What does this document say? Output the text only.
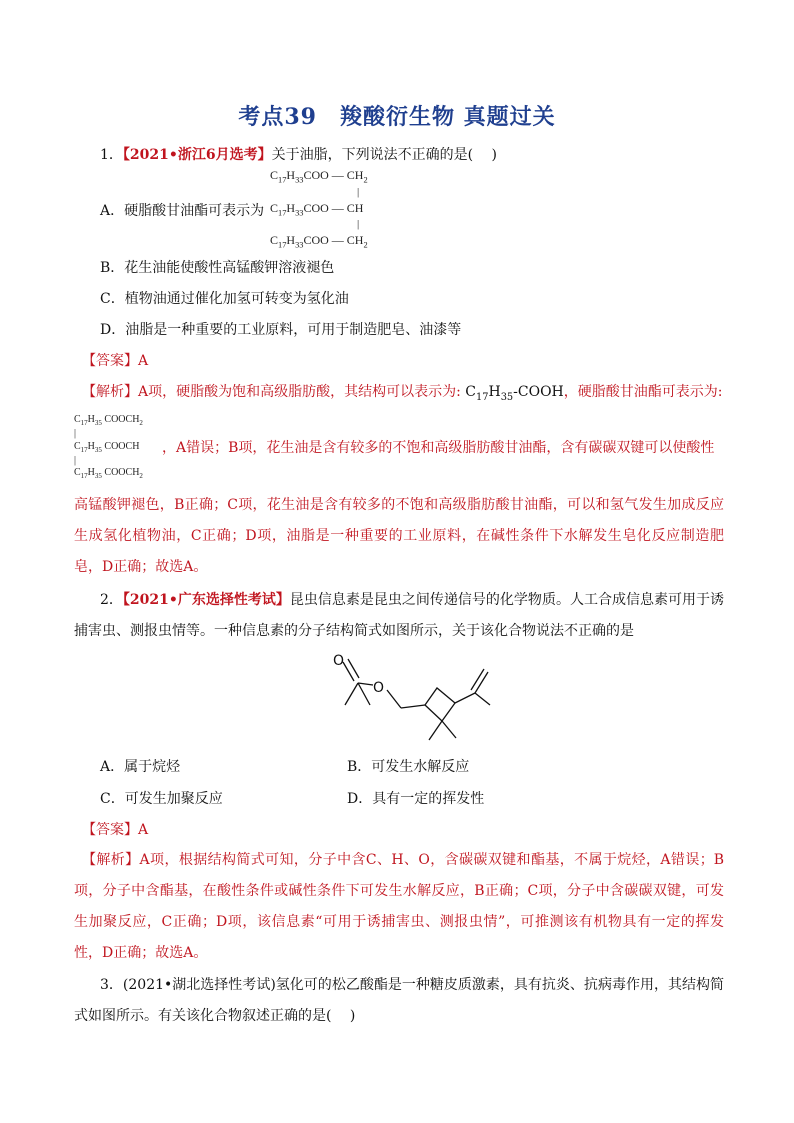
考点39　羧酸衍生物 真题过关
1．【2021•浙江6月选考】关于油脂，下列说法不正确的是(　 )
$C_{17}H_{33}COO$ — $CH_2$
|
A．硬脂酸甘油酯可表示为 $C_{17}H_{33}COO$ — CH
|
$C_{17}H_{33}COO$ — $CH_2$
B．花生油能使酸性高锰酸钾溶液褪色
C．植物油通过催化加氢可转变为氢化油
D．油脂是一种重要的工业原料，可用于制造肥皂、油漆等
【答案】A
【解析】A项，硬脂酸为饱和高级脂肪酸，其结构可以表示为: $C_{17}H_{35}$-COOH，硬脂酸甘油酯可表示为:
$C_{17}H_{35}$ $COOCH_2$
|
$C_{17}H_{35}$ COOCH
|
$C_{17}H_{35}$ $COOCH_2$
，A错误；B项，花生油是含有较多的不饱和高级脂肪酸甘油酯，含有碳碳双键可以使酸性
高锰酸钾褪色，B正确；C项，花生油是含有较多的不饱和高级脂肪酸甘油酯，可以和氢气发生加成反应生成氢化植物油，C正确；D项，油脂是一种重要的工业原料，在碱性条件下水解发生皂化反应制造肥皂，D正确；故选A。
2．【2021•广东选择性考试】昆虫信息素是昆虫之间传递信号的化学物质。人工合成信息素可用于诱捕害虫、测报虫情等。一种信息素的分子结构简式如图所示，关于该化合物说法不正确的是
O
O
A．属于烷烃	B．可发生水解反应
C．可发生加聚反应	D．具有一定的挥发性
【答案】A
【解析】A项，根据结构简式可知，分子中含C、H、O，含碳碳双键和酯基，不属于烷烃，A错误；B项，分子中含酯基，在酸性条件或碱性条件下可发生水解反应，B正确；C项，分子中含碳碳双键，可发生加聚反应，C正确；D项，该信息素“可用于诱捕害虫、测报虫情”，可推测该有机物具有一定的挥发性，D正确；故选A。
3．(2021•湖北选择性考试)氢化可的松乙酸酯是一种糖皮质激素，具有抗炎、抗病毒作用，其结构简式如图所示。有关该化合物叙述正确的是(　 )
